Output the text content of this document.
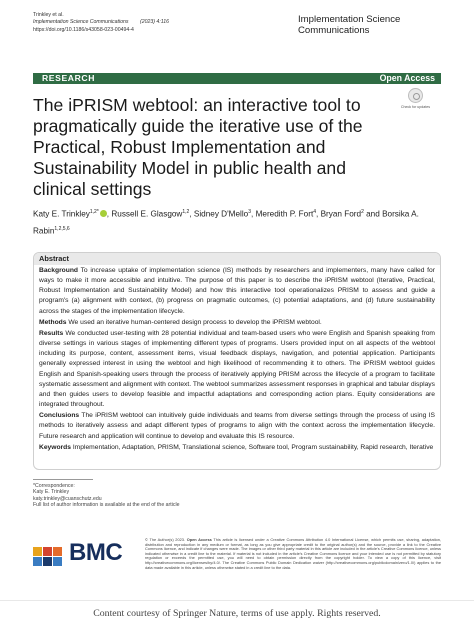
Trinkley et al.
Implementation Science Communications (2023) 4:116
https://doi.org/10.1186/s43058-023-00494-4
Implementation Science Communications
RESEARCH	Open Access
The iPRISM webtool: an interactive tool to pragmatically guide the iterative use of the Practical, Robust Implementation and Sustainability Model in public health and clinical settings
Check for updates
Katy E. Trinkley$^{1,2*}$ , Russell E. Glasgow$^{1,2}$, Sidney D'Mello$^3$, Meredith P. Fort$^4$, Bryan Ford$^2$ and Borsika A. Rabin$^{1,2,5,6}$
Abstract

Background To increase uptake of implementation science (IS) methods by researchers and implementers, many have called for ways to make it more accessible and intuitive. The purpose of this paper is to describe the iPRISM webtool (Iterative, Practical, Robust Implementation and Sustainability Model) and how this interactive tool operationalizes PRISM to assess and guide a program's (a) alignment with context, (b) progress on pragmatic outcomes, (c) potential adaptations, and (d) future sustainability across the stages of the implementation lifecycle.

Methods We used an iterative human-centered design process to develop the iPRISM webtool.

Results We conducted user-testing with 28 potential individual and team-based users who were English and Spanish speaking from diverse settings in various stages of implementing different types of programs. Users provided input on all aspects of the webtool including its purpose, content, assessment items, visual feedback displays, navigation, and potential application. Participants generally expressed interest in using the webtool and high likelihood of recommending it to others. The iPRISM webtool guides English and Spanish-speaking users through the process of iteratively applying PRISM across the lifecycle of a program to facilitate systematic assessment and alignment with context. The webtool summarizes assessment responses in graphical and tabular displays and then guides users to develop feasible and impactful adaptations and corresponding action plans. Equity considerations are integrated throughout.

Conclusions The iPRISM webtool can intuitively guide individuals and teams from diverse settings through the process of using IS methods to iteratively assess and adapt different types of programs to align with the context across the implementation lifecycle. Future research and application will continue to develop and evaluate this IS resource.

Keywords Implementation, Adaptation, PRISM, Translational science, Software tool, Program sustainability, Rapid research, Iterative

*Correspondence:
Katy E. Trinkley
katy.trinkley@cuanschutz.edu
Full list of author information is available at the end of the article
BMC	© The Author(s) 2023. Open Access This article is licensed under a Creative Commons Attribution 4.0 International License, which permits use, sharing, adaptation, distribution and reproduction in any medium or format, as long as you give appropriate credit to the original author(s) and the source, provide a link to the Creative Commons licence, and indicate if changes were made. The images or other third party material in this article are included in the article's Creative Commons licence, unless indicated otherwise in a credit line to the material. If material is not included in the article's Creative Commons licence and your intended use is not permitted by statutory regulation or exceeds the permitted use, you will need to obtain permission directly from the copyright holder. To view a copy of this licence, visit http://creativecommons.org/licenses/by/4.0/. The Creative Commons Public Domain Dedication waiver (http://creativecommons.org/publicdomain/zero/1.0/) applies to the data made available in this article, unless otherwise stated in a credit line to the data.
Content courtesy of Springer Nature, terms of use apply. Rights reserved.
